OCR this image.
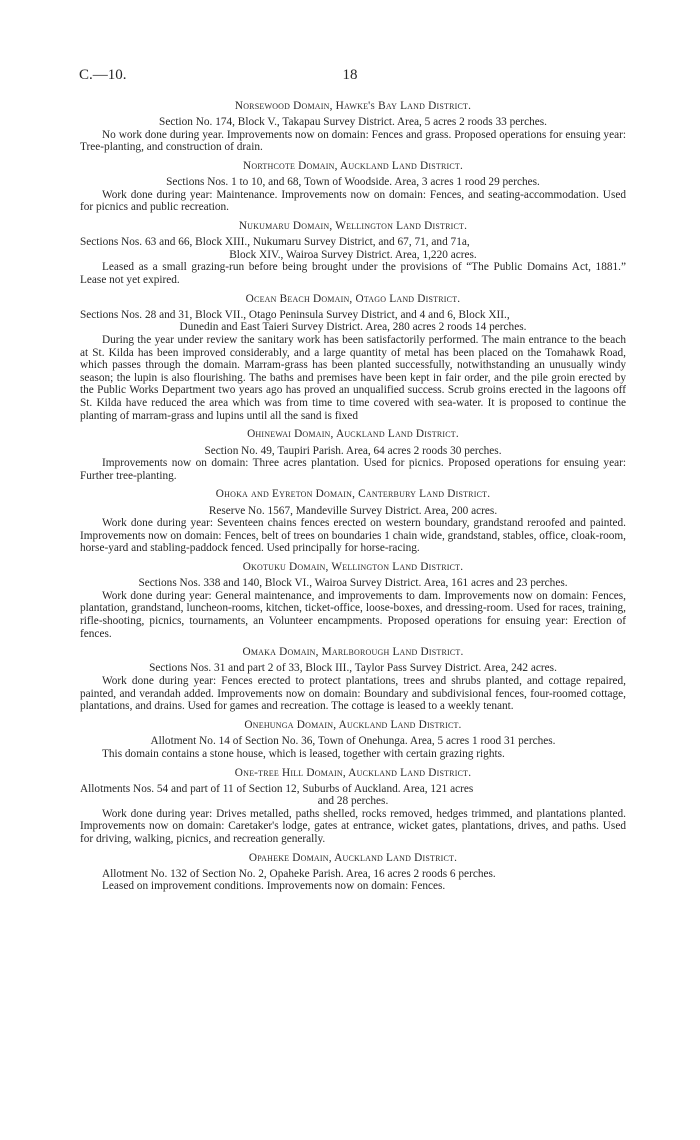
C.—10.	18
Norsewood Domain, Hawke's Bay Land District.
Section No. 174, Block V., Takapau Survey District. Area, 5 acres 2 roods 33 perches.
No work done during year. Improvements now on domain: Fences and grass. Proposed operations for ensuing year: Tree-planting, and construction of drain.
Northcote Domain, Auckland Land District.
Sections Nos. 1 to 10, and 68, Town of Woodside. Area, 3 acres 1 rood 29 perches.
Work done during year: Maintenance. Improvements now on domain: Fences, and seating-accommodation. Used for picnics and public recreation.
Nukumaru Domain, Wellington Land District.
Sections Nos. 63 and 66, Block XIII., Nukumaru Survey District, and 67, 71, and 71a,
Block XIV., Wairoa Survey District. Area, 1,220 acres.
Leased as a small grazing-run before being brought under the provisions of “The Public Domains Act, 1881.” Lease not yet expired.
Ocean Beach Domain, Otago Land District.
Sections Nos. 28 and 31, Block VII., Otago Peninsula Survey District, and 4 and 6, Block XII.,
Dunedin and East Taieri Survey District. Area, 280 acres 2 roods 14 perches.
During the year under review the sanitary work has been satisfactorily performed. The main entrance to the beach at St. Kilda has been improved considerably, and a large quantity of metal has been placed on the Tomahawk Road, which passes through the domain. Marram-grass has been planted successfully, notwithstanding an unusually windy season; the lupin is also flourishing. The baths and premises have been kept in fair order, and the pile groin erected by the Public Works Department two years ago has proved an unqualified success. Scrub groins erected in the lagoons off St. Kilda have reduced the area which was from time to time covered with sea-water. It is proposed to continue the planting of marram-grass and lupins until all the sand is fixed
Ohinewai Domain, Auckland Land District.
Section No. 49, Taupiri Parish. Area, 64 acres 2 roods 30 perches.
Improvements now on domain: Three acres plantation. Used for picnics. Proposed operations for ensuing year: Further tree-planting.
Ohoka and Eyreton Domain, Canterbury Land District.
Reserve No. 1567, Mandeville Survey District. Area, 200 acres.
Work done during year: Seventeen chains fences erected on western boundary, grandstand reroofed and painted. Improvements now on domain: Fences, belt of trees on boundaries 1 chain wide, grandstand, stables, office, cloak-room, horse-yard and stabling-paddock fenced. Used principally for horse-racing.
Okotuku Domain, Wellington Land District.
Sections Nos. 338 and 140, Block VI., Wairoa Survey District. Area, 161 acres and 23 perches.
Work done during year: General maintenance, and improvements to dam. Improvements now on domain: Fences, plantation, grandstand, luncheon-rooms, kitchen, ticket-office, loose-boxes, and dressing-room. Used for races, training, rifle-shooting, picnics, tournaments, an Volunteer encampments. Proposed operations for ensuing year: Erection of fences.
Omaka Domain, Marlborough Land District.
Sections Nos. 31 and part 2 of 33, Block III., Taylor Pass Survey District. Area, 242 acres.
Work done during year: Fences erected to protect plantations, trees and shrubs planted, and cottage repaired, painted, and verandah added. Improvements now on domain: Boundary and subdivisional fences, four-roomed cottage, plantations, and drains. Used for games and recreation. The cottage is leased to a weekly tenant.
Onehunga Domain, Auckland Land District.
Allotment No. 14 of Section No. 36, Town of Onehunga. Area, 5 acres 1 rood 31 perches.
This domain contains a stone house, which is leased, together with certain grazing rights.
One-tree Hill Domain, Auckland Land District.
Allotments Nos. 54 and part of 11 of Section 12, Suburbs of Auckland. Area, 121 acres
and 28 perches.
Work done during year: Drives metalled, paths shelled, rocks removed, hedges trimmed, and plantations planted. Improvements now on domain: Caretaker's lodge, gates at entrance, wicket gates, plantations, drives, and paths. Used for driving, walking, picnics, and recreation generally.
Opaheke Domain, Auckland Land District.
Allotment No. 132 of Section No. 2, Opaheke Parish. Area, 16 acres 2 roods 6 perches.
Leased on improvement conditions. Improvements now on domain: Fences.
